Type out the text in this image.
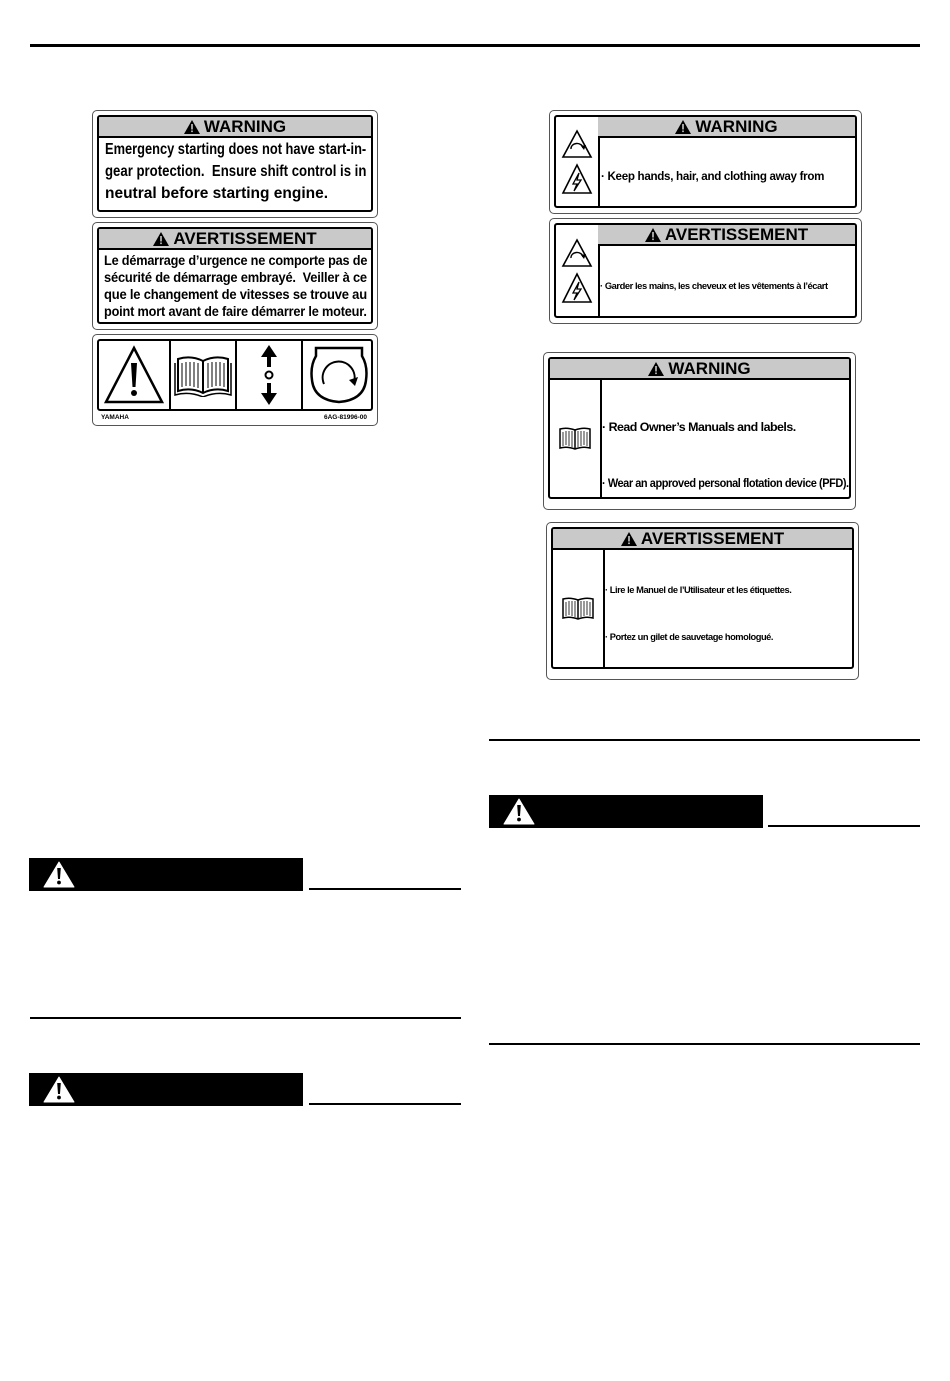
WARNING
Emergency starting does not have start-in-
gear protection.  Ensure shift control is in
neutral before starting engine.
AVERTISSEMENT
Le démarrage d’urgence ne comporte pas de
sécurité de démarrage embrayé.  Veiller à ce
que le changement de vitesses se trouve au
point mort avant de faire démarrer le moteur.
YAMAHA	6AG-81996-00
WARNING

· Keep hands, hair, and clothing away from

AVERTISSEMENT

· Garder les mains, les cheveux et les vêtements à l’écart

WARNING

· Read Owner’s Manuals and labels.

· Wear an approved personal flotation device (PFD).

AVERTISSEMENT

· Lire le Manuel de l’Utilisateur et les étiquettes.

· Portez un gilet de sauvetage homologué.
